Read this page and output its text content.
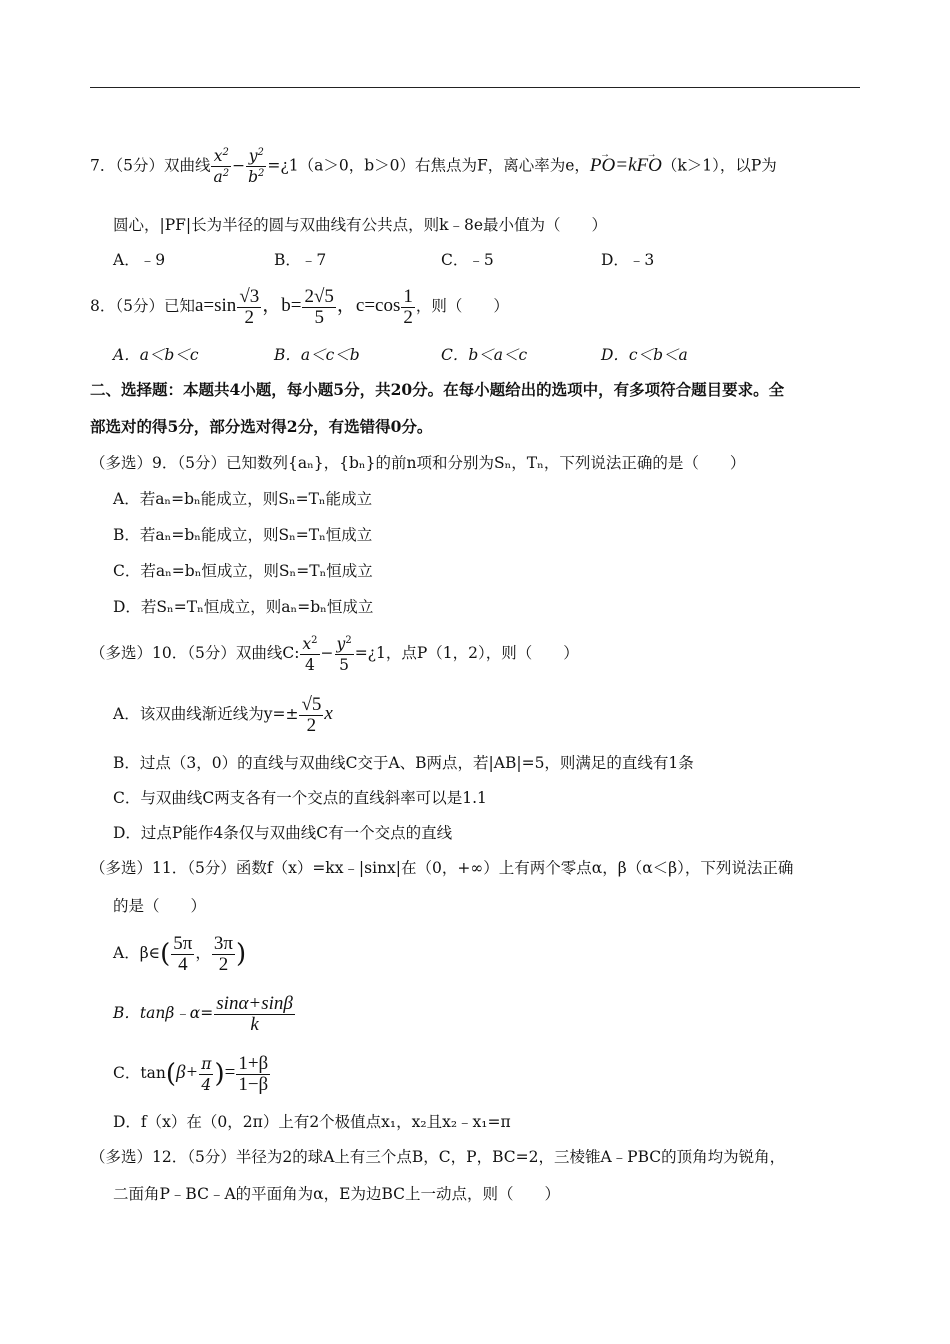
7．（5分）双曲线 $\frac{x^2}{a^2} - \frac{y^2}{b^2}$ =¿1（a＞0，b＞0）右焦点为F，离心率为e，→ PO=k→ FO（k＞1），以P为
圆心，|PF|长为半径的圆与双曲线有公共点，则k﹣8e最小值为（　　）
A．﹣9	B．﹣7	C．﹣5	D．﹣3
8．（5分）已知$a=\sin \frac{√3}{2}$ ，$b= \frac{2√5}{5}$ ，$c=\cos \frac{1}{2}$ ，则（　　）
A．a＜b＜c	B．a＜c＜b	C．b＜a＜c	D．c＜b＜a
二、选择题：本题共4小题，每小题5分，共20分。在每小题给出的选项中，有多项符合题目要求。全
部选对的得5分，部分选对得2分，有选错得0分。
（多选）9．（5分）已知数列{aₙ}，{bₙ}的前n项和分别为Sₙ，Tₙ，下列说法正确的是（　　）
A．若aₙ=bₙ能成立，则Sₙ=Tₙ能成立
B．若aₙ=bₙ能成立，则Sₙ=Tₙ恒成立
C．若aₙ=bₙ恒成立，则Sₙ=Tₙ恒成立
D．若Sₙ=Tₙ恒成立，则aₙ=bₙ恒成立
（多选）10．（5分）双曲线C: $\frac{x^2}{4} - \frac{y^2}{5}$ =¿1，点P（1，2），则（　　）
A．该双曲线渐近线为$y=\pm \frac{√5}{2}$ x
B．过点（3，0）的直线与双曲线C交于A、B两点，若|AB|=5，则满足的直线有1条
C．与双曲线C两支各有一个交点的直线斜率可以是1.1
D．过点P能作4条仅与双曲线C有一个交点的直线
（多选）11．（5分）函数f（x）=kx﹣|sinx|在（0，+∞）上有两个零点α，β（α＜β），下列说法正确
的是（　　）
A．β∈( $\frac{5\pi}{4}$ ， $\frac{3\pi}{2}$ )
B．tanβ﹣α= $\frac{\sin\alpha+\sin\beta}{k}$
C．$\tan(\beta+ \frac{\pi}{4}$ )= $\frac{1+\beta}{1-\beta}$
D．f（x）在（0，2π）上有2个极值点x₁，x₂且x₂﹣x₁=π
（多选）12．（5分）半径为2的球A上有三个点B，C，P，BC=2，三棱锥A﹣PBC的顶角均为锐角，
二面角P﹣BC﹣A的平面角为α，E为边BC上一动点，则（　　）
